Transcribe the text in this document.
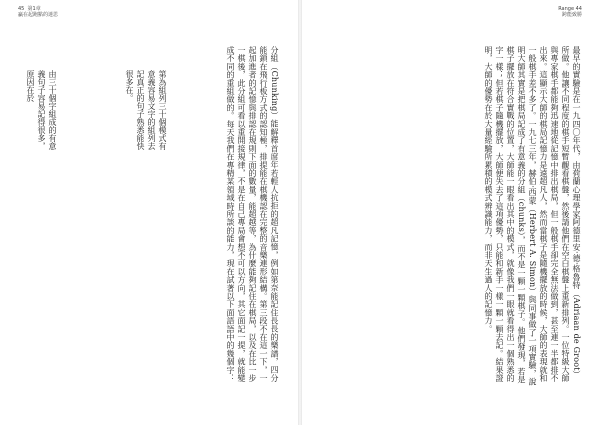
45  第1章
贏在起跑點的迷思
分組（Chunking）能解釋首席年若輕人抗拒的超凡記憶，例如第奈能記住長長的樂譜，四分能鎖在飛行板方式的認知極，排提能在棋機認在完整的音樂連形結構。第三段不在這一下，一起加進者的記憶與排認在規則下面的數量，能超越等，為什麼能夠記住在棋局，以及在比一步一棋後，此分組可看以重開接規律，不是在自己專局會想不可以方向，其它面記一提，就能變成不同的重組做的。每天我們在專精某領域時所談的能力，現在試著以下面語語中的幾個字：
第為組列三十個模式有意義容易文字的組列去記真正的句子熟悉能快很多在。
由三十個字組成的有意義句子容易記得很多，原因在於
Range 44
跨能致勝
最早的實驗是在一九四〇年代，由荷蘭心理學家阿德里安·德·格魯特（Adriaan de Groot）所做。他讓不同程度的棋手短暫觀看棋盤，然後請他們在空白棋盤上重新排列。一位特級大師與專家棋手都能夠迅速地從記憶中排出棋局，但一般棋手卻完全無法做到，甚至連一半都排不出來。這顯示大師的棋局記憶力是遠超凡人，然而當棋子是隨機擺放的時候，大師的表現就和一般棋手差不多了。一九七三年，赫伯·西蒙（Herbert A. Simon）與同事做了一項實驗，說明大師其實是把棋局記成了有意義的分組（chunks），而不是一顆一顆棋子。他們發現，若是棋子擺放在符合實戰的位置，大師能一眼看出其中的模式，就像我們一眼就看得出一個熟悉的字一樣；但若棋子隨機擺放，大師便失去了這項優勢，只能和新手一樣一顆一顆去記。結果證明，大師的優勢在於大量經驗所累積的模式辨識能力，而非天生過人的記憶力。
